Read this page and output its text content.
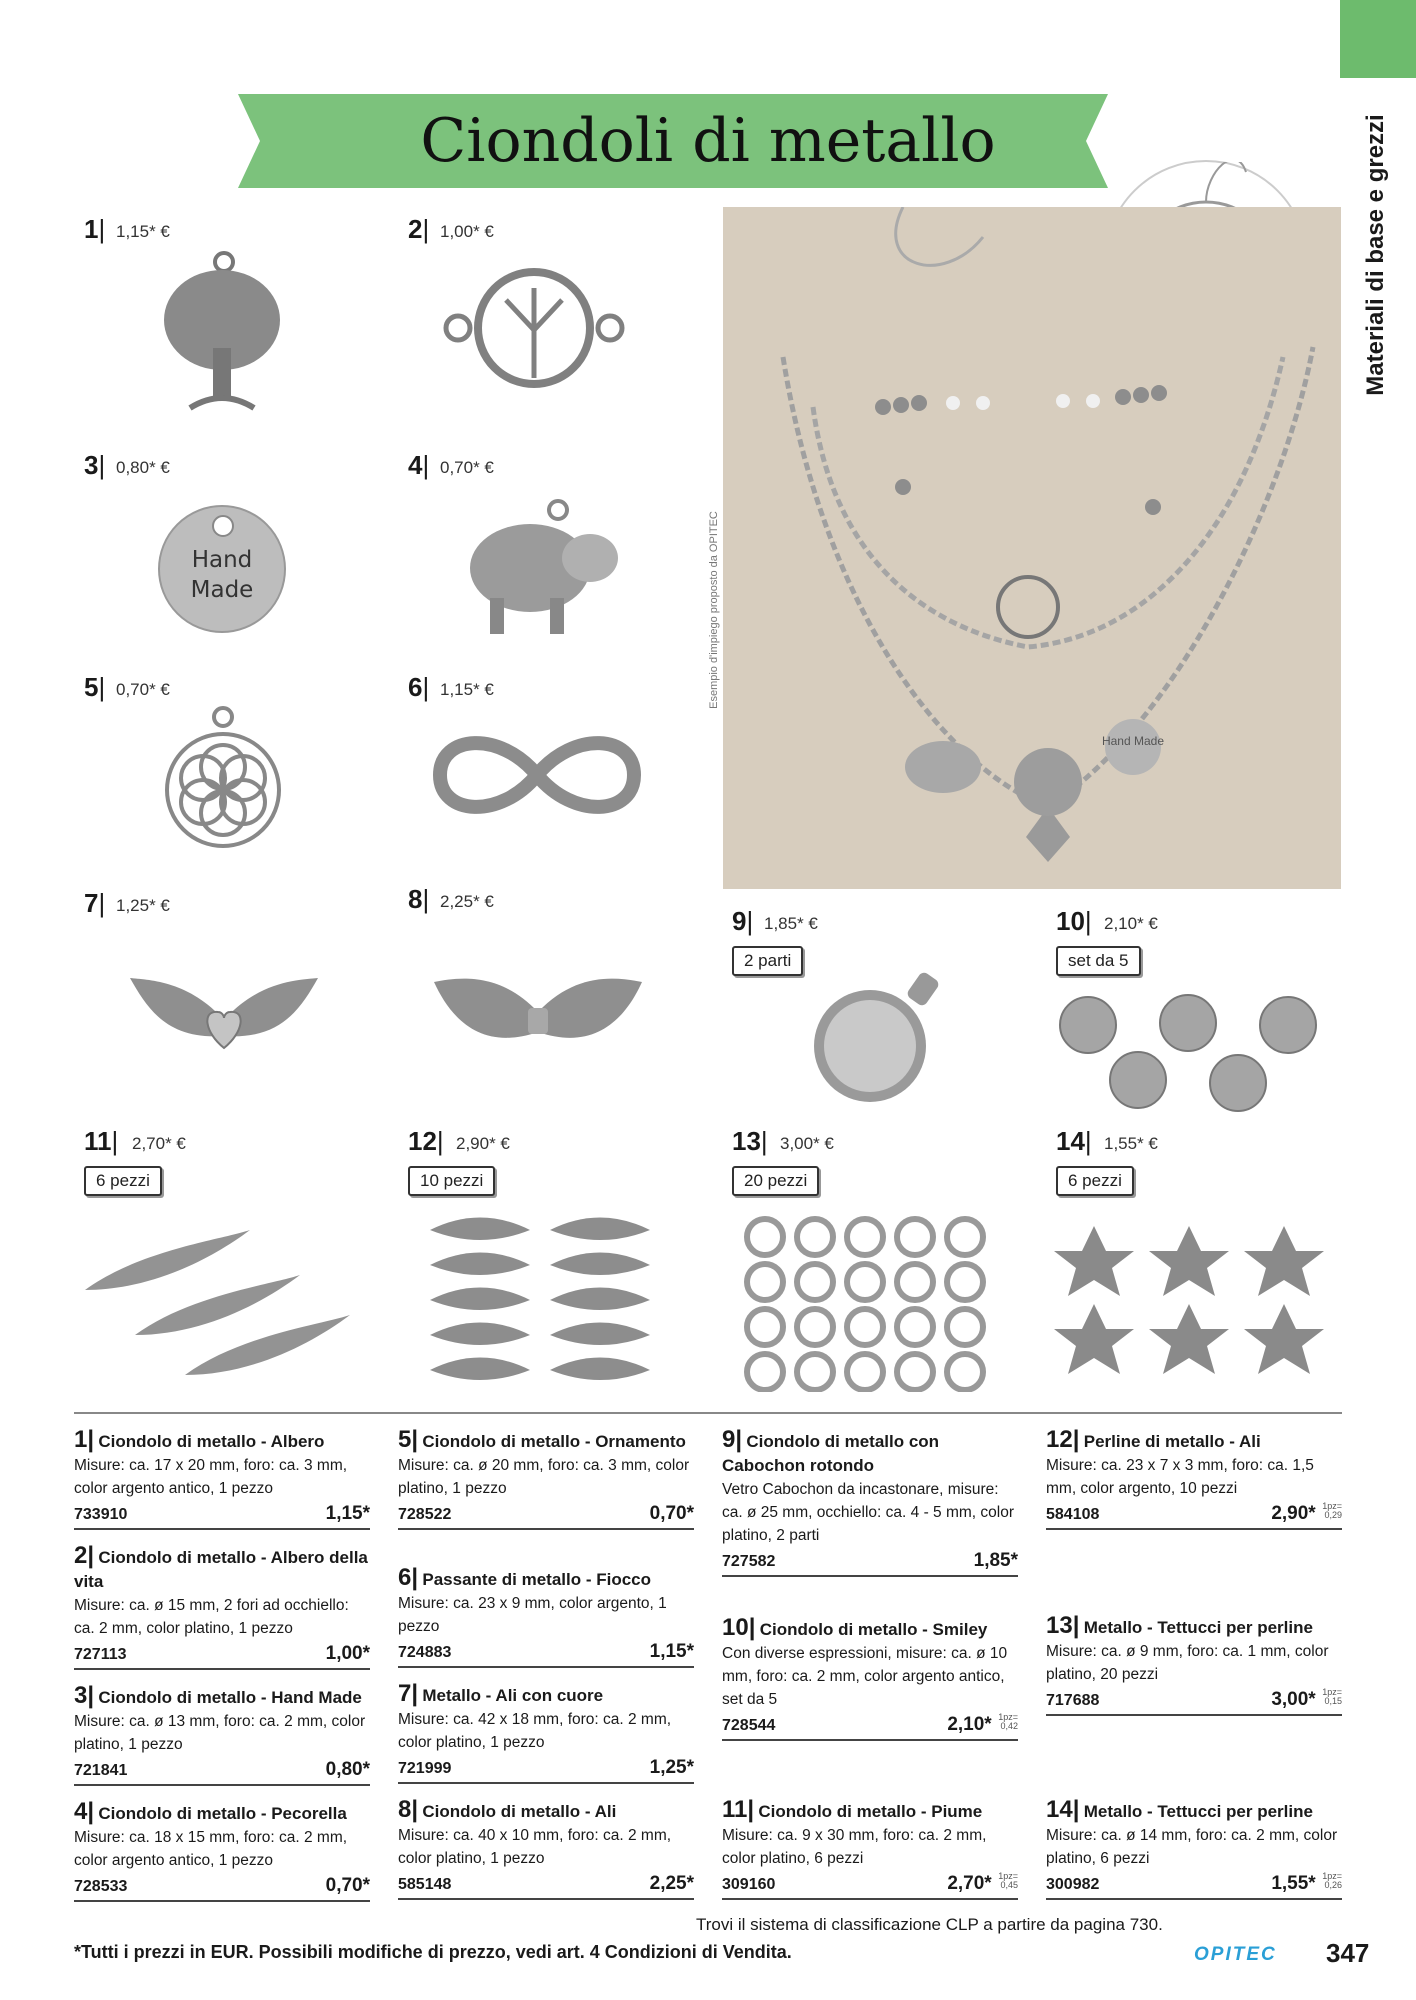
Materiali di base e grezzi
Ciondoli di metallo
Hand Made
Esempio d'impiego proposto da OPITEC
1| 1,15* €	2| 1,00* €
3| 0,80* €
Hand Made
4| 0,70* €
5| 0,70* €	6| 1,15* €
7| 1,25* €	8| 2,25* €
9| 1,85* €
2 parti
10| 2,10* €
set da 5
11| 2,70* €
6 pezzi
12| 2,90* €
10 pezzi
13| 3,00* €
20 pezzi
14| 1,55* €
6 pezzi
1| Ciondolo di metallo - Albero
Misure: ca. 17 x 20 mm, foro: ca. 3 mm, color argento antico, 1 pezzo
733910	1,15*
2| Ciondolo di metallo - Albero della vita
Misure: ca. ø 15 mm, 2 fori ad occhiello: ca. 2 mm, color platino, 1 pezzo
727113	1,00*
3| Ciondolo di metallo - Hand Made
Misure: ca. ø 13 mm, foro: ca. 2 mm, color platino, 1 pezzo
721841	0,80*
4| Ciondolo di metallo - Pecorella
Misure: ca. 18 x 15 mm, foro: ca. 2 mm, color argento antico, 1 pezzo
728533	0,70*
5| Ciondolo di metallo - Ornamento
Misure: ca. ø 20 mm, foro: ca. 3 mm, color platino, 1 pezzo
728522	0,70*
6| Passante di metallo - Fiocco
Misure: ca. 23 x 9 mm, color argento, 1 pezzo
724883	1,15*
7| Metallo - Ali con cuore
Misure: ca. 42 x 18 mm, foro: ca. 2 mm, color platino, 1 pezzo
721999	1,25*
8| Ciondolo di metallo - Ali
Misure: ca. 40 x 10 mm, foro: ca. 2 mm, color platino, 1 pezzo
585148	2,25*
9| Ciondolo di metallo con Cabochon rotondo
Vetro Cabochon da incastonare, misure: ca. ø 25 mm, occhiello: ca. 4 - 5 mm, color platino, 2 parti
727582	1,85*
10| Ciondolo di metallo - Smiley
Con diverse espressioni, misure: ca. ø 10 mm, foro: ca. 2 mm, color argento antico, set da 5
728544	2,10* 1pz= 0,42
11| Ciondolo di metallo - Piume
Misure: ca. 9 x 30 mm, foro: ca. 2 mm, color platino, 6 pezzi
309160	2,70* 1pz= 0,45
12| Perline di metallo - Ali
Misure: ca. 23 x 7 x 3 mm, foro: ca. 1,5 mm, color argento, 10 pezzi
584108	2,90* 1pz= 0,29
13| Metallo - Tettucci per perline
Misure: ca. ø 9 mm, foro: ca. 1 mm, color platino, 20 pezzi
717688	3,00* 1pz= 0,15
14| Metallo - Tettucci per perline
Misure: ca. ø 14 mm, foro: ca. 2 mm, color platino, 6 pezzi
300982	1,55* 1pz= 0,26
Trovi il sistema di classificazione CLP a partire da pagina 730.
*Tutti i prezzi in EUR. Possibili modifiche di prezzo, vedi art. 4 Condizioni di Vendita.	OPITEC 347
